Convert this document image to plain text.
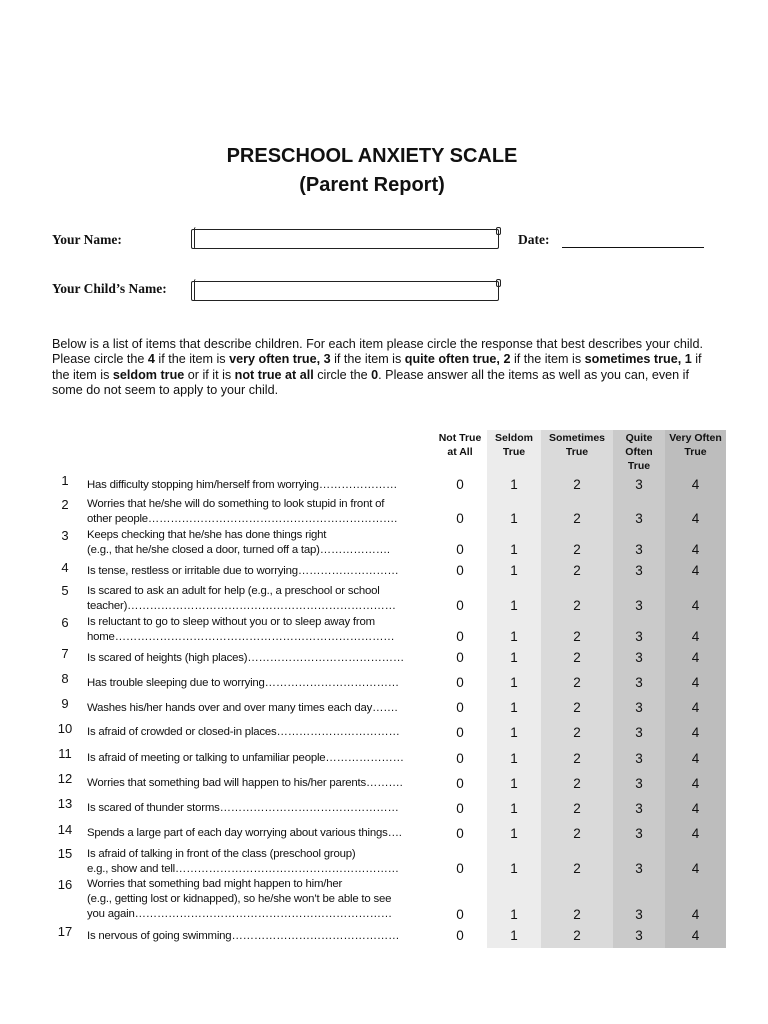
PRESCHOOL ANXIETY SCALE
(Parent Report)
Your Name:	Date:
Your Child’s Name:
Below is a list of items that describe children. For each item please circle the response that best describes your child. Please circle the 4 if the item is very often true, 3 if the item is quite often true, 2 if the item is sometimes true, 1 if the item is seldom true or if it is not true at all circle the 0. Please answer all the items as well as you can, even if some do not seem to apply to your child.
Not True at All
Seldom True
Sometimes True
Quite Often True
Very Often True
1	Has difficulty stopping him/herself from worrying…………………	0	1	2	3	4
2	Worries that he/she will do something to look stupid in front of
other people………………………………………………………….	0	1	2	3	4
3	Keeps checking that he/she has done things right
(e.g., that he/she closed a door, turned off a tap)……………….	0	1	2	3	4
4	Is tense, restless or irritable due to worrying………………………	0	1	2	3	4
5	Is scared to ask an adult for help (e.g., a preschool or school
teacher)………………………………………………………………	0	1	2	3	4
6	Is reluctant to go to sleep without you or to sleep away from
home…………………………………………………………………	0	1	2	3	4
7	Is scared of heights (high places)……………………………………	0	1	2	3	4
8	Has trouble sleeping due to worrying………………………………	0	1	2	3	4
9	Washes his/her hands over and over many times each day…….	0	1	2	3	4
10	Is afraid of crowded or closed-in places……………………………	0	1	2	3	4
11	Is afraid of meeting or talking to unfamiliar people…………………	0	1	2	3	4
12	Worries that something bad will happen to his/her parents……….	0	1	2	3	4
13	Is scared of thunder storms…………………………………………	0	1	2	3	4
14	Spends a large part of each day worrying about various things….	0	1	2	3	4
15	Is afraid of talking in front of the class (preschool group)
e.g., show and tell……………………………………………………	0	1	2	3	4
16	Worries that something bad might happen to him/her
(e.g., getting lost or kidnapped), so he/she won’t be able to see
you again……………………………………………………………	0	1	2	3	4
17	Is nervous of going swimming………………………………………	0	1	2	3	4
